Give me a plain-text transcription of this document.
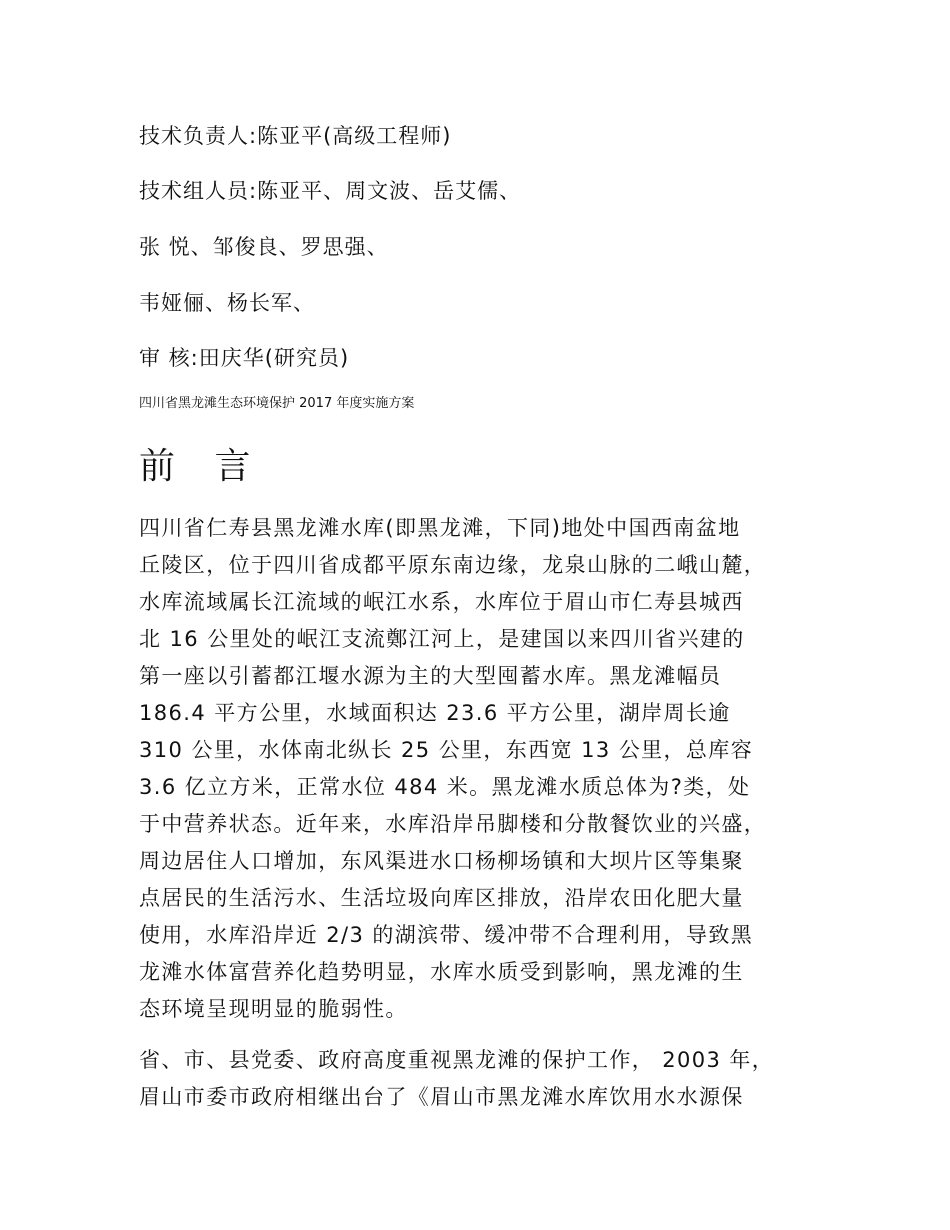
技术负责人:陈亚平(高级工程师)
技术组人员:陈亚平、周文波、岳艾儒、
张 悦、邹俊良、罗思强、
韦娅俪、杨长军、
审 核:田庆华(研究员)
四川省黑龙滩生态环境保护 2017 年度实施方案
前 言
四川省仁寿县黑龙滩水库(即黑龙滩，下同)地处中国西南盆地
丘陵区，位于四川省成都平原东南边缘，龙泉山脉的二峨山麓，
水库流域属长江流域的岷江水系，水库位于眉山市仁寿县城西
北 16 公里处的岷江支流鄭江河上，是建国以来四川省兴建的
第一座以引蓄都江堰水源为主的大型囤蓄水库。黑龙滩幅员
186.4 平方公里，水域面积达 23.6 平方公里，湖岸周长逾
310 公里，水体南北纵长 25 公里，东西宽 13 公里，总库容
3.6 亿立方米，正常水位 484 米。黑龙滩水质总体为?类，处
于中营养状态。近年来，水库沿岸吊脚楼和分散餐饮业的兴盛，
周边居住人口增加，东风渠进水口杨柳场镇和大坝片区等集聚
点居民的生活污水、生活垃圾向库区排放，沿岸农田化肥大量
使用，水库沿岸近 2/3 的湖滨带、缓冲带不合理利用，导致黑
龙滩水体富营养化趋势明显，水库水质受到影响，黑龙滩的生
态环境呈现明显的脆弱性。
省、市、县党委、政府高度重视黑龙滩的保护工作， 2003 年，
眉山市委市政府相继出台了《眉山市黑龙滩水库饮用水水源保
